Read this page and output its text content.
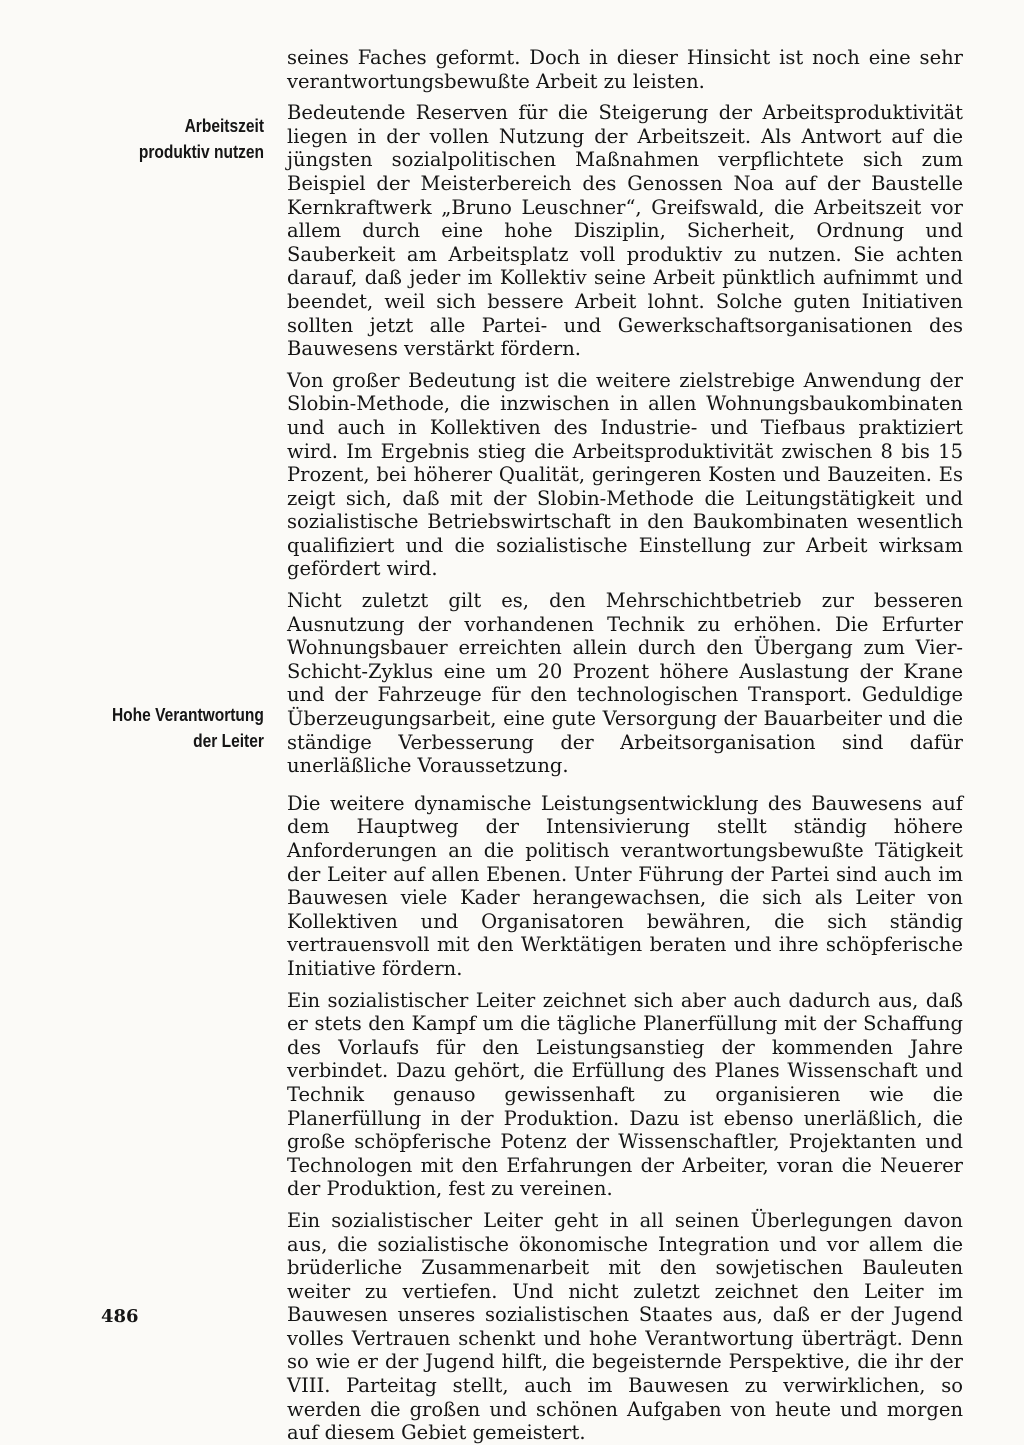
Arbeitszeit
produktiv nutzen
Hohe Verantwortung
der Leiter

seines Faches geformt. Doch in dieser Hinsicht ist noch eine sehr verantwortungsbewußte Arbeit zu leisten.

Bedeutende Reserven für die Steigerung der Arbeitsproduktivität liegen in der vollen Nutzung der Arbeitszeit. Als Antwort auf die jüngsten sozialpolitischen Maßnahmen verpflichtete sich zum Beispiel der Meisterbereich des Genossen Noa auf der Baustelle Kernkraftwerk „Bruno Leuschner“, Greifswald, die Arbeitszeit vor allem durch eine hohe Disziplin, Sicherheit, Ordnung und Sauberkeit am Arbeitsplatz voll produktiv zu nutzen. Sie achten darauf, daß jeder im Kollektiv seine Arbeit pünktlich aufnimmt und beendet, weil sich bessere Arbeit lohnt. Solche guten Initiativen sollten jetzt alle Partei- und Gewerkschaftsorganisationen des Bauwesens verstärkt fördern.

Von großer Bedeutung ist die weitere zielstrebige Anwendung der Slobin-Methode, die inzwischen in allen Wohnungsbaukombinaten und auch in Kollektiven des Industrie- und Tiefbaus praktiziert wird. Im Ergebnis stieg die Arbeitsproduktivität zwischen 8 bis 15 Prozent, bei höherer Qualität, geringeren Kosten und Bauzeiten. Es zeigt sich, daß mit der Slobin-Methode die Leitungstätigkeit und sozialistische Betriebswirtschaft in den Baukombinaten wesentlich qualifiziert und die sozialistische Einstellung zur Arbeit wirksam gefördert wird.

Nicht zuletzt gilt es, den Mehrschichtbetrieb zur besseren Ausnutzung der vorhandenen Technik zu erhöhen. Die Erfurter Wohnungsbauer erreichten allein durch den Übergang zum Vier-Schicht-Zyklus eine um 20 Prozent höhere Auslastung der Krane und der Fahrzeuge für den technologischen Transport. Geduldige Überzeugungsarbeit, eine gute Versorgung der Bauarbeiter und die ständige Verbesserung der Arbeitsorganisation sind dafür unerläßliche Voraussetzung.

Die weitere dynamische Leistungsentwicklung des Bauwesens auf dem Hauptweg der Intensivierung stellt ständig höhere Anforderungen an die politisch verantwortungsbewußte Tätigkeit der Leiter auf allen Ebenen. Unter Führung der Partei sind auch im Bauwesen viele Kader herangewachsen, die sich als Leiter von Kollektiven und Organisatoren bewähren, die sich ständig vertrauensvoll mit den Werktätigen beraten und ihre schöpferische Initiative fördern.

Ein sozialistischer Leiter zeichnet sich aber auch dadurch aus, daß er stets den Kampf um die tägliche Planerfüllung mit der Schaffung des Vorlaufs für den Leistungsanstieg der kommenden Jahre verbindet. Dazu gehört, die Erfüllung des Planes Wissenschaft und Technik genauso gewissenhaft zu organisieren wie die Planerfüllung in der Produktion. Dazu ist ebenso unerläßlich, die große schöpferische Potenz der Wissenschaftler, Projektanten und Technologen mit den Erfahrungen der Arbeiter, voran die Neuerer der Produktion, fest zu vereinen.

Ein sozialistischer Leiter geht in all seinen Überlegungen davon aus, die sozialistische ökonomische Integration und vor allem die brüderliche Zusammenarbeit mit den sowjetischen Bauleuten weiter zu vertiefen. Und nicht zuletzt zeichnet den Leiter im Bauwesen unseres sozialistischen Staates aus, daß er der Jugend volles Vertrauen schenkt und hohe Verantwortung überträgt. Denn so wie er der Jugend hilft, die begeisternde Perspektive, die ihr der VIII. Parteitag stellt, auch im Bauwesen zu verwirklichen, so werden die großen und schönen Aufgaben von heute und morgen auf diesem Gebiet gemeistert.

486
